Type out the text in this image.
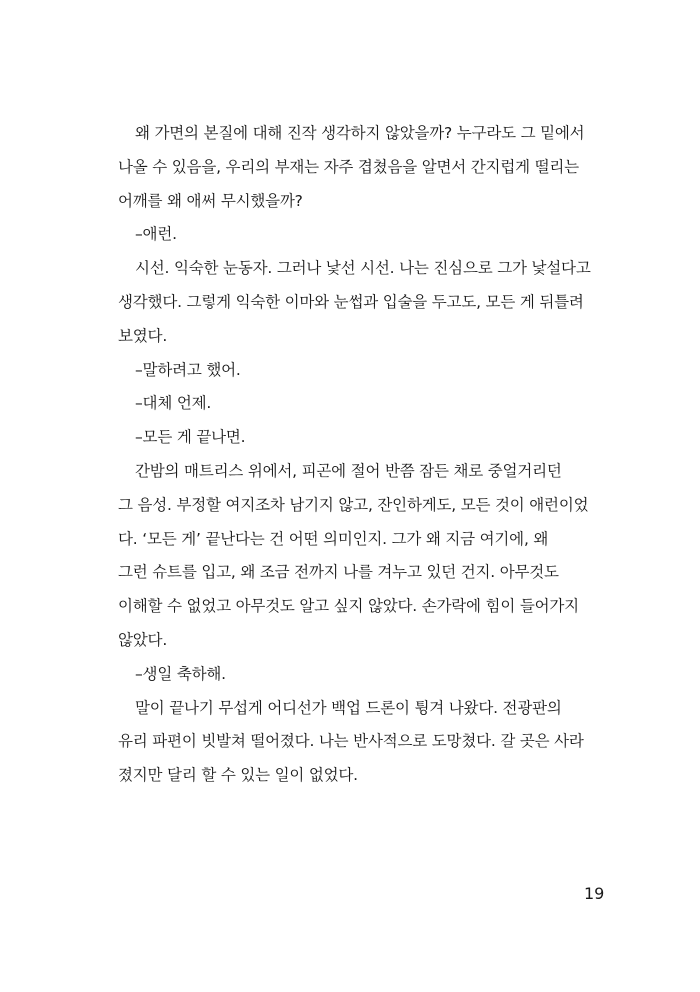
왜 가면의 본질에 대해 진작 생각하지 않았을까? 누구라도 그 밑에서
나올 수 있음을, 우리의 부재는 자주 겹쳤음을 알면서 간지럽게 떨리는
어깨를 왜 애써 무시했을까?
–애런.
시선. 익숙한 눈동자. 그러나 낯선 시선. 나는 진심으로 그가 낯설다고
생각했다. 그렇게 익숙한 이마와 눈썹과 입술을 두고도, 모든 게 뒤틀려
보였다.
–말하려고 했어.
–대체 언제.
–모든 게 끝나면.
간밤의 매트리스 위에서, 피곤에 절어 반쯤 잠든 채로 중얼거리던
그 음성. 부정할 여지조차 남기지 않고, 잔인하게도, 모든 것이 애런이었
다. ‘모든 게’ 끝난다는 건 어떤 의미인지. 그가 왜 지금 여기에, 왜
그런 슈트를 입고, 왜 조금 전까지 나를 겨누고 있던 건지. 아무것도
이해할 수 없었고 아무것도 알고 싶지 않았다. 손가락에 힘이 들어가지
않았다.
–생일 축하해.
말이 끝나기 무섭게 어디선가 백업 드론이 튕겨 나왔다. 전광판의
유리 파편이 빗발쳐 떨어졌다. 나는 반사적으로 도망쳤다. 갈 곳은 사라
졌지만 달리 할 수 있는 일이 없었다.
19
